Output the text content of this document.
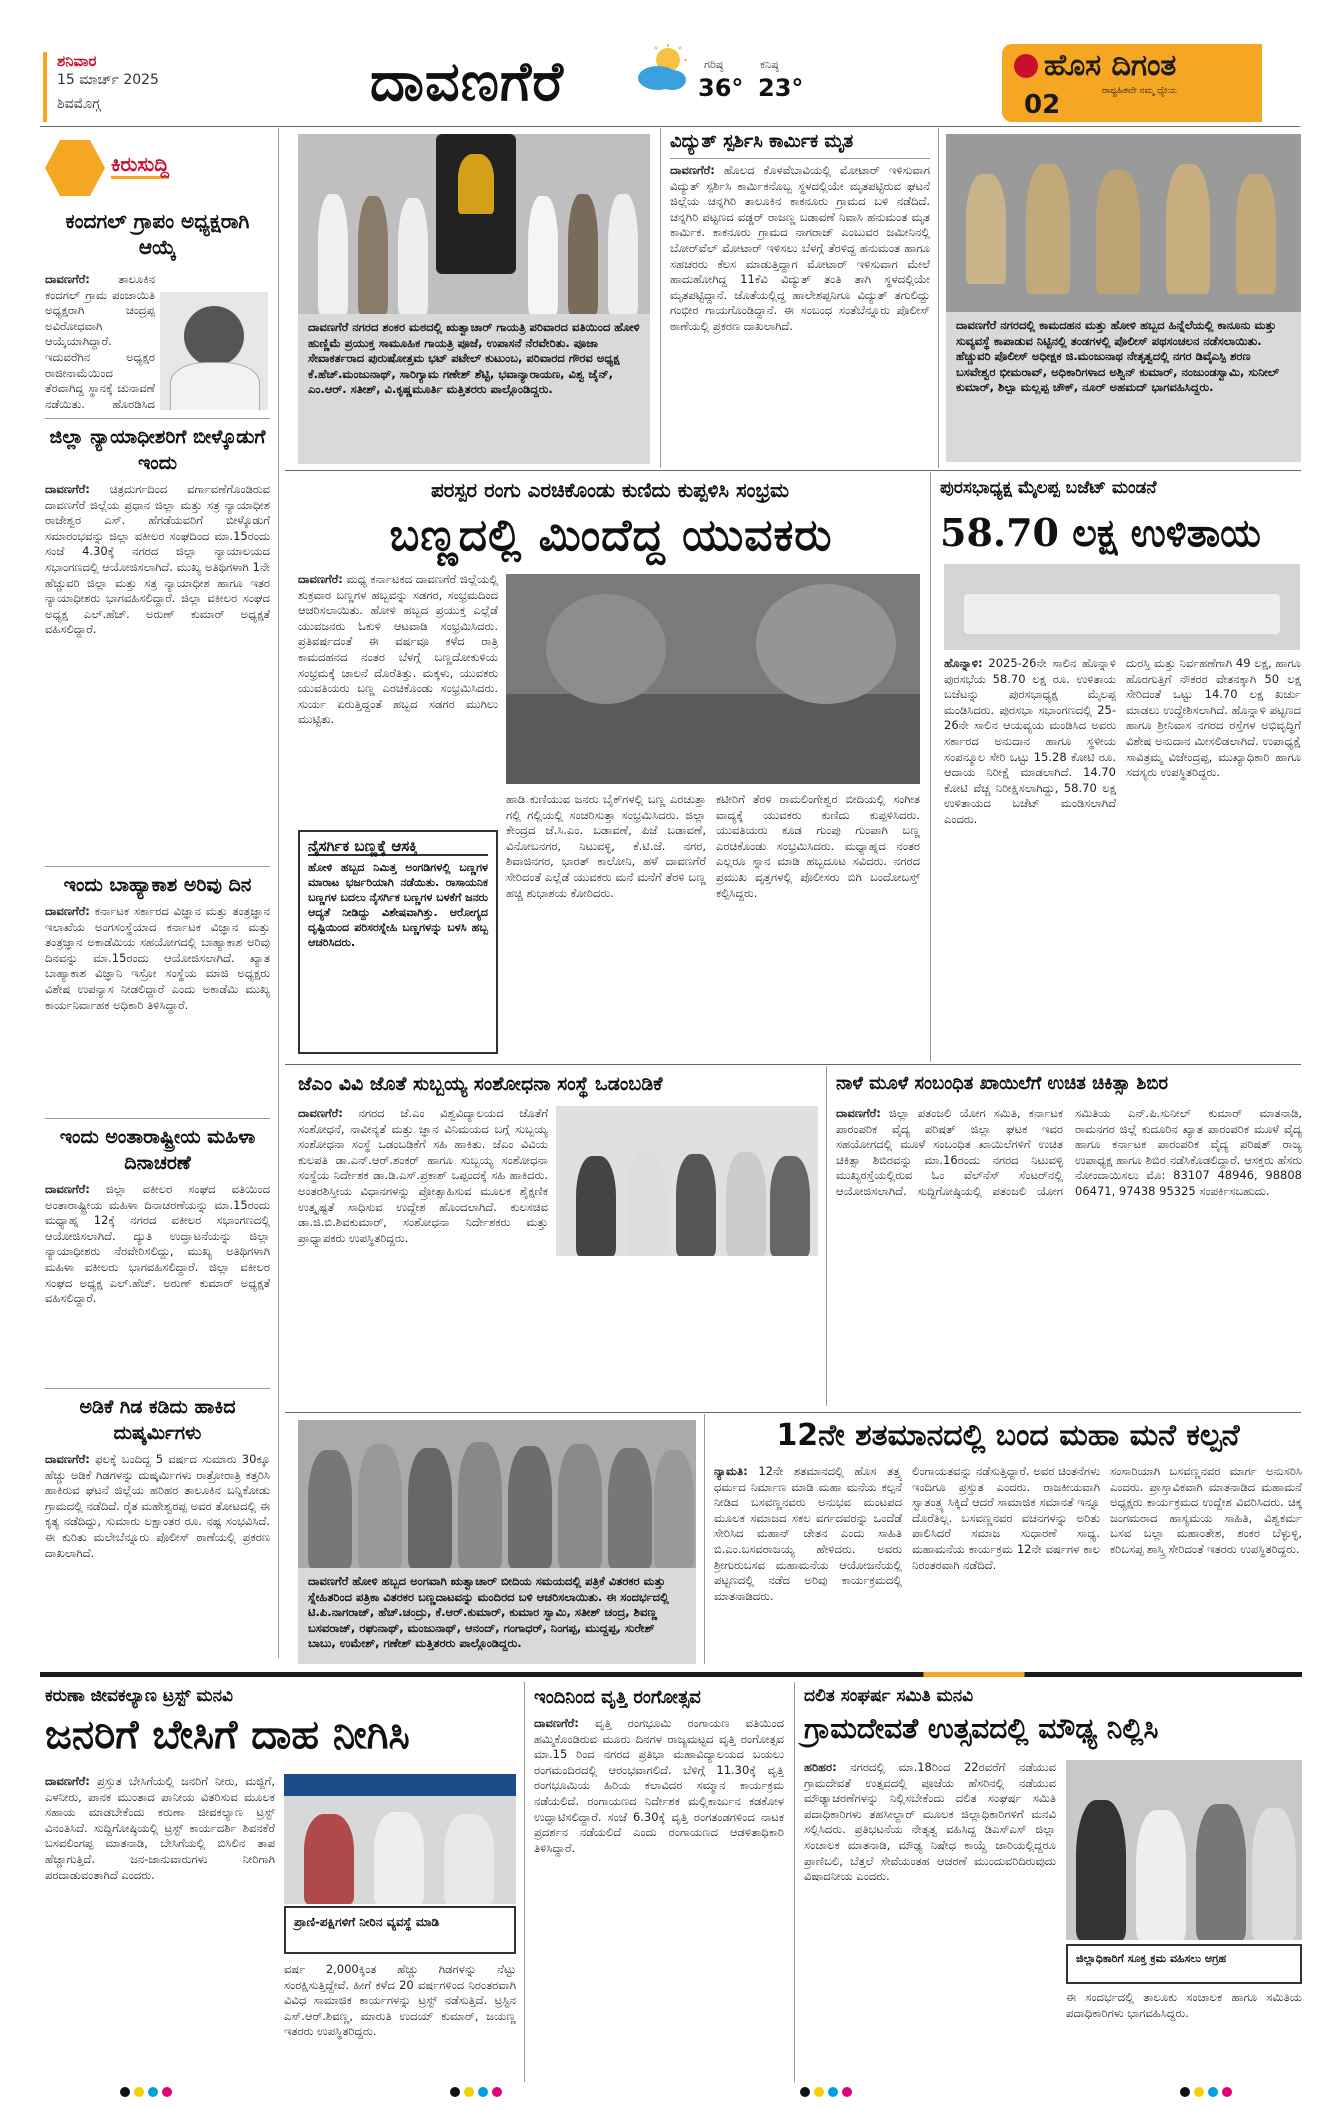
ಶನಿವಾರ
15 ಮಾರ್ಚ್ 2025
ಶಿವಮೊಗ್ಗ	ದಾವಣಗೆರೆ	ಗರಿಷ್ಠ
36°
ಕನಿಷ್ಠ
23°
ಹೊಸ ದಿಗಂತ
ರಾಷ್ಟ್ರಹಿತವೇ ನಮ್ಮ ಧ್ಯೇಯ
02
ಕಿರುಸುದ್ದಿ
ಕಂದಗಲ್ ಗ್ರಾಪಂ ಅಧ್ಯಕ್ಷರಾಗಿ ಆಯ್ಕೆ
ದಾವಣಗೆರೆ: ತಾಲೂಕಿನ ಕಂದಗಲ್ ಗ್ರಾಮ ಪಂಚಾಯಿತಿ ಅಧ್ಯಕ್ಷರಾಗಿ ಚಂದ್ರಪ್ಪ ಅವಿರೋಧವಾಗಿ ಆಯ್ಕೆಯಾಗಿದ್ದಾರೆ. ಇದುವರೆಗಿನ ಅಧ್ಯಕ್ಷರ ರಾಜೀನಾಮೆಯಿಂದ ತೆರವಾಗಿದ್ದ ಸ್ಥಾನಕ್ಕೆ ಚುನಾವಣೆ ನಡೆಯಿತು. ಹೊರಡಿಸಿದ
ಜಿಲ್ಲಾ ನ್ಯಾಯಾಧೀಶರಿಗೆ ಬೀಳ್ಕೊಡುಗೆ ಇಂದು
ದಾವಣಗೆರೆ: ಚಿತ್ರದುರ್ಗದಿಂದ ವರ್ಗಾವಣೆಗೊಂಡಿರುವ ದಾವಣಗೆರೆ ಜಿಲ್ಲೆಯ ಪ್ರಧಾನ ಜಿಲ್ಲಾ ಮತ್ತು ಸತ್ರ ನ್ಯಾಯಾಧೀಶ ರಾಜೇಶ್ವರ ಎಸ್. ಹೆಗಡೆಯವರಿಗೆ ಬೀಳ್ಕೊಡುಗೆ ಸಮಾರಂಭವನ್ನು ಜಿಲ್ಲಾ ವಕೀಲರ ಸಂಘದಿಂದ ಮಾ.15ರಂದು ಸಂಜೆ 4.30ಕ್ಕೆ ನಗರದ ಜಿಲ್ಲಾ ನ್ಯಾಯಾಲಯದ ಸಭಾಂಗಣದಲ್ಲಿ ಆಯೋಜಿಸಲಾಗಿದೆ. ಮುಖ್ಯ ಅತಿಥಿಗಳಾಗಿ 1ನೇ ಹೆಚ್ಚುವರಿ ಜಿಲ್ಲಾ ಮತ್ತು ಸತ್ರ ನ್ಯಾಯಾಧೀಶ ಹಾಗೂ ಇತರ ನ್ಯಾಯಾಧೀಶರು ಭಾಗವಹಿಸಲಿದ್ದಾರೆ. ಜಿಲ್ಲಾ ವಕೀಲರ ಸಂಘದ ಅಧ್ಯಕ್ಷ ಎಲ್.ಹೆಚ್. ಅರುಣ್ ಕುಮಾರ್ ಅಧ್ಯಕ್ಷತೆ ವಹಿಸಲಿದ್ದಾರೆ.
ಇಂದು ಬಾಹ್ಯಾಕಾಶ ಅರಿವು ದಿನ
ದಾವಣಗೆರೆ: ಕರ್ನಾಟಕ ಸರ್ಕಾರದ ವಿಜ್ಞಾನ ಮತ್ತು ತಂತ್ರಜ್ಞಾನ ಇಲಾಖೆಯ ಅಂಗಸಂಸ್ಥೆಯಾದ ಕರ್ನಾಟಕ ವಿಜ್ಞಾನ ಮತ್ತು ತಂತ್ರಜ್ಞಾನ ಅಕಾಡೆಮಿಯ ಸಹಯೋಗದಲ್ಲಿ ಬಾಹ್ಯಾಕಾಶ ಅರಿವು ದಿನವನ್ನು ಮಾ.15ರಂದು ಆಯೋಜಿಸಲಾಗಿದೆ. ಖ್ಯಾತ ಬಾಹ್ಯಾಕಾಶ ವಿಜ್ಞಾನಿ ಇಸ್ರೋ ಸಂಸ್ಥೆಯ ಮಾಜಿ ಅಧ್ಯಕ್ಷರು ವಿಶೇಷ ಉಪನ್ಯಾಸ ನೀಡಲಿದ್ದಾರೆ ಎಂದು ಅಕಾಡೆಮಿ ಮುಖ್ಯ ಕಾರ್ಯನಿರ್ವಾಹಕ ಅಧಿಕಾರಿ ತಿಳಿಸಿದ್ದಾರೆ.
ಇಂದು ಅಂತಾರಾಷ್ಟ್ರೀಯ ಮಹಿಳಾ ದಿನಾಚರಣೆ
ದಾವಣಗೆರೆ: ಜಿಲ್ಲಾ ವಕೀಲರ ಸಂಘದ ವತಿಯಿಂದ ಅಂತಾರಾಷ್ಟ್ರೀಯ ಮಹಿಳಾ ದಿನಾಚರಣೆಯನ್ನು ಮಾ.15ರಂದು ಮಧ್ಯಾಹ್ನ 12ಕ್ಕೆ ನಗರದ ವಕೀಲರ ಸಭಾಂಗಣದಲ್ಲಿ ಆಯೋಜಿಸಲಾಗಿದೆ. ದ್ಯುತಿ ಉದ್ಘಾಟನೆಯನ್ನು ಜಿಲ್ಲಾ ನ್ಯಾಯಾಧೀಶರು ನೆರವೇರಿಸಲಿದ್ದು, ಮುಖ್ಯ ಅತಿಥಿಗಳಾಗಿ ಮಹಿಳಾ ವಕೀಲರು ಭಾಗವಹಿಸಲಿದ್ದಾರೆ. ಜಿಲ್ಲಾ ವಕೀಲರ ಸಂಘದ ಅಧ್ಯಕ್ಷ ಎಲ್.ಹೆಚ್. ಅರುಣ್ ಕುಮಾರ್ ಅಧ್ಯಕ್ಷತೆ ವಹಿಸಲಿದ್ದಾರೆ.
ಅಡಿಕೆ ಗಿಡ ಕಡಿದು ಹಾಕಿದ ದುಷ್ಕರ್ಮಿಗಳು
ದಾವಣಗೆರೆ: ಫಲಕ್ಕೆ ಬಂದಿದ್ದ 5 ವರ್ಷದ ಸುಮಾರು 30ಕ್ಕೂ ಹೆಚ್ಚು ಅಡಿಕೆ ಗಿಡಗಳನ್ನು ದುಷ್ಕರ್ಮಿಗಳು ರಾತ್ರೋರಾತ್ರಿ ಕತ್ತರಿಸಿ ಹಾಕಿರುವ ಘಟನೆ ಜಿಲ್ಲೆಯ ಹರಿಹರ ತಾಲೂಕಿನ ಬನ್ನಿಕೋಡು ಗ್ರಾಮದಲ್ಲಿ ನಡೆದಿದೆ. ರೈತ ಮಹೇಶ್ವರಪ್ಪ ಅವರ ತೋಟದಲ್ಲಿ ಈ ಕೃತ್ಯ ನಡೆದಿದ್ದು, ಸುಮಾರು ಲಕ್ಷಾಂತರ ರೂ. ನಷ್ಟ ಸಂಭವಿಸಿದೆ. ಈ ಕುರಿತು ಮಲೇಬೆನ್ನೂರು ಪೊಲೀಸ್ ಠಾಣೆಯಲ್ಲಿ ಪ್ರಕರಣ ದಾಖಲಾಗಿದೆ.
ದಾವಣಗೆರೆ ನಗರದ ಶಂಕರ ಮಠದಲ್ಲಿ ಋತ್ವಾಚಾರ್ ಗಾಯತ್ರಿ ಪರಿವಾರದ ವತಿಯಿಂದ ಹೋಳಿ ಹುಣ್ಣಿಮೆ ಪ್ರಯುಕ್ತ ಸಾಮೂಹಿಕ ಗಾಯತ್ರಿ ಪೂಜೆ, ಉಪಾಸನೆ ನೆರವೇರಿತು. ಪೂಜಾ ಸೇವಾಕರ್ತರಾದ ಪುರುಷೋತ್ತಮ ಭಟ್ ಪಟೇಲ್ ಕುಟುಂಬ, ಪರಿವಾರದ ಗೌರವ ಅಧ್ಯಕ್ಷ ಕೆ.ಹೆಚ್.ಮಂಜುನಾಥ್, ಸಾರಿಗ್ಯಾಮ ಗಣೇಶ್ ಶೆಟ್ಟಿ, ಭವಾನ್ಯಾರಾಯಣ, ವಿಶ್ವ ಜೈನ್, ಎಂ.ಆರ್. ಸತೀಶ್, ವಿ.ಕೃಷ್ಣಮೂರ್ತಿ ಮತ್ತಿತರರು ಪಾಲ್ಗೊಂಡಿದ್ದರು.
ವಿದ್ಯುತ್ ಸ್ಪರ್ಶಿಸಿ ಕಾರ್ಮಿಕ ಮೃತ
ದಾವಣಗೆರೆ: ಹೊಲದ ಕೊಳವೆಬಾವಿಯಲ್ಲಿ ಮೋಟಾರ್ ಇಳಿಸುವಾಗ ವಿದ್ಯುತ್ ಸ್ಪರ್ಶಿಸಿ ಕಾರ್ಮಿಕನೊಬ್ಬ ಸ್ಥಳದಲ್ಲಿಯೇ ಮೃತಪಟ್ಟಿರುವ ಘಟನೆ ಜಿಲ್ಲೆಯ ಚನ್ನಗಿರಿ ತಾಲೂಕಿನ ಕಾಕನೂರು ಗ್ರಾಮದ ಬಳಿ ನಡೆದಿದೆ. ಚನ್ನಗಿರಿ ಪಟ್ಟಣದ ವಡ್ಡರ್ ರಾಜಣ್ಣ ಬಡಾವಣೆ ನಿವಾಸಿ ಹನುಮಂತ ಮೃತ ಕಾರ್ಮಿಕ. ಕಾಕನೂರು ಗ್ರಾಮದ ನಾಗರಾಜ್ ಎಂಬುವರ ಜಮೀನಿನಲ್ಲಿ ಬೋರ್‌ವೆಲ್ ಮೋಟಾರ್ ಇಳಿಸಲು ಬೆಳಗ್ಗೆ ತೆರಳಿದ್ದ ಹನುಮಂತ ಹಾಗೂ ಸಹಚರರು ಕೆಲಸ ಮಾಡುತ್ತಿದ್ದಾಗ ಮೋಟಾರ್ ಇಳಿಸುವಾಗ ಮೇಲೆ ಹಾದುಹೋಗಿದ್ದ 11ಕೆವಿ ವಿದ್ಯುತ್ ತಂತಿ ತಾಗಿ ಸ್ಥಳದಲ್ಲಿಯೇ ಮೃತಪಟ್ಟಿದ್ದಾನೆ. ಜೊತೆಯಲ್ಲಿದ್ದ ಹಾಲೇಶಪ್ಪನಿಗೂ ವಿದ್ಯುತ್ ತಗುಲಿದ್ದು ಗಂಭೀರ ಗಾಯಗೊಂಡಿದ್ದಾನೆ. ಈ ಸಂಬಂಧ ಸಂತೆಬೆನ್ನೂರು ಪೊಲೀಸ್ ಠಾಣೆಯಲ್ಲಿ ಪ್ರಕರಣ ದಾಖಲಾಗಿದೆ.	ದಾವಣಗೆರೆ ನಗರದಲ್ಲಿ ಕಾಮದಹನ ಮತ್ತು ಹೋಳಿ ಹಬ್ಬದ ಹಿನ್ನೆಲೆಯಲ್ಲಿ ಕಾನೂನು ಮತ್ತು ಸುವ್ಯವಸ್ಥೆ ಕಾಪಾಡುವ ನಿಟ್ಟಿನಲ್ಲಿ ತಂಡಗಳಲ್ಲಿ ಪೊಲೀಸ್ ಪಥಸಂಚಲನ ನಡೆಸಲಾಯಿತು. ಹೆಚ್ಚುವರಿ ಪೊಲೀಸ್ ಅಧೀಕ್ಷಕ ಜಿ.ಮಂಜುನಾಥ ನೇತೃತ್ವದಲ್ಲಿ ನಗರ ಡಿವೈಎಸ್ಪಿ ಶರಣ ಬಸವೇಶ್ವರ ಭೀಮರಾವ್, ಅಧಿಕಾರಿಗಳಾದ ಅಶ್ವಿನ್ ಕುಮಾರ್, ನಂಜುಂಡಸ್ವಾಮಿ, ಸುನೀಲ್ ಕುಮಾರ್, ಶಿಲ್ಪಾ ಮಲ್ಲಪ್ಪ ಚೌಕ್, ನೂರ್ ಅಹಮದ್ ಭಾಗವಹಿಸಿದ್ದರು.
ಪರಸ್ಪರ ರಂಗು ಎರಚಿಕೊಂಡು ಕುಣಿದು ಕುಪ್ಪಳಿಸಿ ಸಂಭ್ರಮ
ಬಣ್ಣದಲ್ಲಿ ಮಿಂದೆದ್ದ ಯುವಕರು
ದಾವಣಗೆರೆ: ಮಧ್ಯ ಕರ್ನಾಟಕದ ದಾವಣಗೆರೆ ಜಿಲ್ಲೆಯಲ್ಲಿ ಶುಕ್ರವಾರ ಬಣ್ಣಗಳ ಹಬ್ಬವನ್ನು ಸಡಗರ, ಸಂಭ್ರಮದಿಂದ ಆಚರಿಸಲಾಯಿತು. ಹೋಳಿ ಹಬ್ಬದ ಪ್ರಯುಕ್ತ ಎಲ್ಲೆಡೆ ಯುವಜನರು ಓಕುಳಿ ಆಟವಾಡಿ ಸಂಭ್ರಮಿಸಿದರು. ಪ್ರತಿವರ್ಷದಂತೆ ಈ ವರ್ಷವೂ ಕಳೆದ ರಾತ್ರಿ ಕಾಮದಹನದ ನಂತರ ಬೆಳಗ್ಗೆ ಬಣ್ಣದೋಕುಳಿಯ ಸಂಭ್ರಮಕ್ಕೆ ಚಾಲನೆ ದೊರೆತಿತ್ತು. ಮಕ್ಕಳು, ಯುವಕರು ಯುವತಿಯರು ಬಣ್ಣ ಎರಚಿಕೊಂಡು ಸಂಭ್ರಮಿಸಿದರು. ಸುರ್ಯ ಏರುತ್ತಿದ್ದಂತೆ ಹಬ್ಬದ ಸಡಗರ ಮುಗಿಲು ಮುಟ್ಟಿತು.
ನೈಸರ್ಗಿಕ ಬಣ್ಣಕ್ಕೆ ಆಸಕ್ತಿ
ಹೋಳಿ ಹಬ್ಬದ ನಿಮಿತ್ತ ಅಂಗಡಿಗಳಲ್ಲಿ ಬಣ್ಣಗಳ ಮಾರಾಟ ಭರ್ಜರಿಯಾಗಿ ನಡೆಯಿತು. ರಾಸಾಯನಿಕ ಬಣ್ಣಗಳ ಬದಲು ನೈಸರ್ಗಿಕ ಬಣ್ಣಗಳ ಬಳಕೆಗೆ ಜನರು ಆದ್ಯತೆ ನೀಡಿದ್ದು ವಿಶೇಷವಾಗಿತ್ತು. ಆರೋಗ್ಯದ ದೃಷ್ಟಿಯಿಂದ ಪರಿಸರಸ್ನೇಹಿ ಬಣ್ಣಗಳನ್ನು ಬಳಸಿ ಹಬ್ಬ ಆಚರಿಸಿದರು.
ಹಾಡಿ ಕುಣಿಯುವ ಜನರು ಬೈಕ್‌ಗಳಲ್ಲಿ ಬಣ್ಣ ಎರಚುತ್ತಾ ಗಲ್ಲಿ ಗಲ್ಲಿಯಲ್ಲಿ ಸಂಚರಿಸುತ್ತಾ ಸಂಭ್ರಮಿಸಿದರು. ಜಿಲ್ಲಾ ಕೇಂದ್ರದ ಜೆ.ಸಿ.ಎಂ. ಬಡಾವಣೆ, ಪಿಜೆ ಬಡಾವಣೆ, ವಿನೋಬನಗರ, ನಿಟುವಳ್ಳಿ, ಕೆ.ಟಿ.ಜೆ. ನಗರ, ಶಿವಾಜಿನಗರ, ಭಾರತ್ ಕಾಲೋನಿ, ಹಳೆ ದಾವಣಗೆರೆ ಸೇರಿದಂತೆ ಎಲ್ಲೆಡೆ ಯುವಕರು ಮನೆ ಮನೆಗೆ ತೆರಳಿ ಬಣ್ಣ ಹಚ್ಚಿ ಶುಭಾಶಯ ಕೋರಿದರು.
ಕಟೀರಿಗೆ ತೆರಳಿ ರಾಮಲಿಂಗೇಶ್ವರ ಬೀದಿಯಲ್ಲಿ ಸಂಗೀತ ವಾದ್ಯಕ್ಕೆ ಯುವಕರು ಕುಣಿದು ಕುಪ್ಪಳಿಸಿದರು. ಯುವತಿಯರು ಕೂಡ ಗುಂಪು ಗುಂಪಾಗಿ ಬಣ್ಣ ಎರಚಿಕೊಂಡು ಸಂಭ್ರಮಿಸಿದರು. ಮಧ್ಯಾಹ್ನದ ನಂತರ ಎಲ್ಲರೂ ಸ್ನಾನ ಮಾಡಿ ಹಬ್ಬದೂಟ ಸವಿದರು. ನಗರದ ಪ್ರಮುಖ ವೃತ್ತಗಳಲ್ಲಿ ಪೊಲೀಸರು ಬಿಗಿ ಬಂದೋಬಸ್ತ್ ಕಲ್ಪಿಸಿದ್ದರು.
ಪುರಸಭಾಧ್ಯಕ್ಷ ಮೈಲಪ್ಪ ಬಜೆಟ್ ಮಂಡನೆ
58.70 ಲಕ್ಷ ಉಳಿತಾಯ
ಹೊನ್ನಾಳಿ: 2025-26ನೇ ಸಾಲಿನ ಹೊನ್ನಾಳಿ ಪುರಸಭೆಯ 58.70 ಲಕ್ಷ ರೂ. ಉಳಿತಾಯ ಬಜೆಟನ್ನು ಪುರಸಭಾಧ್ಯಕ್ಷ ಮೈಲಪ್ಪ ಮಂಡಿಸಿದರು. ಪುರಸಭಾ ಸಭಾಂಗಣದಲ್ಲಿ 25-26ನೇ ಸಾಲಿನ ಆಯವ್ಯಯ ಮಂಡಿಸಿದ ಅವರು ಸರ್ಕಾರದ ಅನುದಾನ ಹಾಗೂ ಸ್ಥಳೀಯ ಸಂಪನ್ಮೂಲ ಸೇರಿ ಒಟ್ಟು 15.28 ಕೋಟಿ ರೂ. ಆದಾಯ ನಿರೀಕ್ಷೆ ಮಾಡಲಾಗಿದೆ. 14.70 ಕೋಟಿ ವೆಚ್ಚ ನಿರೀಕ್ಷಿಸಲಾಗಿದ್ದು, 58.70 ಲಕ್ಷ ಉಳಿತಾಯದ ಬಜೆಟ್ ಮಂಡಿಸಲಾಗಿದೆ ಎಂದರು.
ದುರಸ್ತಿ ಮತ್ತು ನಿರ್ವಹಣೆಗಾಗಿ 49 ಲಕ್ಷ, ಹಾಗೂ ಹೊರಗುತ್ತಿಗೆ ನೌಕರರ ವೇತನಕ್ಕಾಗಿ 50 ಲಕ್ಷ ಸೇರಿದಂತೆ ಒಟ್ಟು 14.70 ಲಕ್ಷ ಖರ್ಚು ಮಾಡಲು ಉದ್ದೇಶಿಸಲಾಗಿದೆ. ಹೊನ್ನಾಳಿ ಪಟ್ಟಣದ ಹಾಗೂ ಶ್ರೀನಿವಾಸ ನಗರದ ರಸ್ತೆಗಳ ಅಭಿವೃದ್ಧಿಗೆ ವಿಶೇಷ ಅನುದಾನ ಮೀಸಲಿಡಲಾಗಿದೆ. ಉಪಾಧ್ಯಕ್ಷೆ ಸಾವಿತ್ರಮ್ಮ ವಿಜೇಂದ್ರಪ್ಪ, ಮುಖ್ಯಾಧಿಕಾರಿ ಹಾಗೂ ಸದಸ್ಯರು ಉಪಸ್ಥಿತರಿದ್ದರು.
ಜೆಎಂ ವಿವಿ ಜೊತೆ ಸುಬ್ಬಯ್ಯ ಸಂಶೋಧನಾ ಸಂಸ್ಥೆ ಒಡಂಬಡಿಕೆ
ದಾವಣಗೆರೆ: ನಗರದ ಜೆ.ಎಂ ವಿಶ್ವವಿದ್ಯಾಲಯದ ಜೊತೆಗೆ ಸಂಶೋಧನೆ, ನಾವೀನ್ಯತೆ ಮತ್ತು ಜ್ಞಾನ ವಿನಿಮಯದ ಬಗ್ಗೆ ಸುಬ್ಬಯ್ಯ ಸಂಶೋಧನಾ ಸಂಸ್ಥೆ ಒಡಂಬಡಿಕೆಗೆ ಸಹಿ ಹಾಕಿತು. ಜೆಎಂ ವಿವಿಯ ಕುಲಪತಿ ಡಾ.ಎನ್.ಆರ್.ಶಂಕರ್ ಹಾಗೂ ಸುಬ್ಬಯ್ಯ ಸಂಶೋಧನಾ ಸಂಸ್ಥೆಯ ನಿರ್ದೇಶಕ ಡಾ.ಡಿ.ಎಸ್.ಪ್ರಕಾಶ್ ಒಪ್ಪಂದಕ್ಕೆ ಸಹಿ ಹಾಕಿದರು. ಅಂತರಶಿಸ್ತೀಯ ವಿಧಾನಗಳನ್ನು ಪ್ರೋತ್ಸಾಹಿಸುವ ಮೂಲಕ ಶೈಕ್ಷಣಿಕ ಉತ್ಕೃಷ್ಟತೆ ಸಾಧಿಸುವ ಉದ್ದೇಶ ಹೊಂದಲಾಗಿದೆ. ಕುಲಸಚಿವ ಡಾ.ಜಿ.ಬಿ.ಶಿವಕುಮಾರ್, ಸಂಶೋಧನಾ ನಿರ್ದೇಶಕರು ಮತ್ತು ಪ್ರಾಧ್ಯಾಪಕರು ಉಪಸ್ಥಿತರಿದ್ದರು.
ನಾಳೆ ಮೂಳೆ ಸಂಬಂಧಿತ ಖಾಯಿಲೆಗೆ ಉಚಿತ ಚಿಕಿತ್ಸಾ ಶಿಬಿರ
ದಾವಣಗೆರೆ: ಜಿಲ್ಲಾ ಪತಂಜಲಿ ಯೋಗ ಸಮಿತಿ, ಕರ್ನಾಟಕ ಪಾರಂಪರಿಕ ವೈದ್ಯ ಪರಿಷತ್ ಜಿಲ್ಲಾ ಘಟಕ ಇವರ ಸಹಯೋಗದಲ್ಲಿ ಮೂಳೆ ಸಂಬಂಧಿತ ಖಾಯಿಲೆಗಳಿಗೆ ಉಚಿತ ಚಿಕಿತ್ಸಾ ಶಿಬಿರವನ್ನು ಮಾ.16ರಂದು ನಗರದ ನಿಟುವಳ್ಳಿ ಮುಖ್ಯರಸ್ತೆಯಲ್ಲಿರುವ ಓಂ ವೆಲ್‌ನೆಸ್ ಸೆಂಟರ್‌ನಲ್ಲಿ ಆಯೋಜಿಸಲಾಗಿದೆ. ಸುದ್ದಿಗೋಷ್ಠಿಯಲ್ಲಿ ಪತಂಜಲಿ ಯೋಗ ಸಮಿತಿಯ ಎನ್.ಪಿ.ಸುನೀಲ್ ಕುಮಾರ್ ಮಾತನಾಡಿ, ರಾಮನಗರ ಜಿಲ್ಲೆ ಕುದೂರಿನ ಖ್ಯಾತ ಪಾರಂಪರಿಕ ಮೂಳೆ ವೈದ್ಯ ಹಾಗೂ ಕರ್ನಾಟಕ ಪಾರಂಪರಿಕ ವೈದ್ಯ ಪರಿಷತ್ ರಾಜ್ಯ ಉಪಾಧ್ಯಕ್ಷ ಹಾಗೂ ಶಿಬಿರ ನಡೆಸಿಕೊಡಲಿದ್ದಾರೆ. ಆಸಕ್ತರು ಹೆಸರು ನೋಂದಾಯಿಸಲು ಮೊ: 83107 48946, 98808 06471, 97438 95325 ಸಂಪರ್ಕಿಸಬಹುದು.
ದಾವಣಗೆರೆ ಹೋಳಿ ಹಬ್ಬದ ಅಂಗವಾಗಿ ಋತ್ವಾಚಾರ್ ಬೀದಿಯ ಸಮಯದಲ್ಲಿ ಪತ್ರಿಕೆ ವಿತರಕರ ಮತ್ತು ಸ್ನೇಹಿತರಿಂದ ಪತ್ರಿಕಾ ವಿತರಕರ ಬಣ್ಣದಾಟವನ್ನು ಮಂದಿರದ ಬಳಿ ಆಚರಿಸಲಾಯಿತು. ಈ ಸಂದರ್ಭದಲ್ಲಿ ಟಿ.ಪಿ.ನಾಗರಾಜ್, ಹೆಚ್.ಚಂದ್ರು, ಕೆ.ಆರ್.ಕುಮಾರ್, ಕುಮಾರ ಸ್ವಾಮಿ, ಸತೀಶ್ ಚಂದ್ರ, ಶಿವಣ್ಣ ಬಸವರಾಜ್, ರಘುನಾಥ್, ಮಂಜುನಾಥ್, ಆನಂದ್, ಗಂಗಾಧರ್, ನಿಂಗಪ್ಪ, ಮುದ್ದಪ್ಪ, ಸುರೇಶ್ ಬಾಬು, ಉಮೇಶ್, ಗಣೇಶ್ ಮತ್ತಿತರರು ಪಾಲ್ಗೊಂಡಿದ್ದರು.
12ನೇ ಶತಮಾನದಲ್ಲಿ ಬಂದ ಮಹಾ ಮನೆ ಕಲ್ಪನೆ
ನ್ಯಾಮತಿ: 12ನೇ ಶತಮಾನದಲ್ಲಿ ಹೊಸ ತತ್ತ್ವ ಧರ್ಮದ ನಿರ್ಮಾಣ ಮಾಡಿ ಮಹಾ ಮನೆಯ ಕಲ್ಪನೆ ನೀಡಿದ ಬಸವಣ್ಣನವರು ಅನುಭವ ಮಂಟಪದ ಮೂಲಕ ಸಮಾಜದ ಸಕಲ ವರ್ಗದವರನ್ನು ಒಂದೆಡೆ ಸೇರಿಸಿದ ಮಹಾನ್ ಚೇತನ ಎಂದು ಸಾಹಿತಿ ಬಿ.ಎಂ.ಬಸವರಾಜಯ್ಯ ಹೇಳಿದರು. ಅವರು ಶ್ರೀಗುರುಬಸವ ಮಹಾಮನೆಯ ಆಯೋಜನೆಯಲ್ಲಿ ಪಟ್ಟಣದಲ್ಲಿ ನಡೆದ ಅರಿವು ಕಾರ್ಯಕ್ರಮದಲ್ಲಿ ಮಾತನಾಡಿದರು.
ಲಿಂಗಾಯತವನ್ನು ನಡೆಸುತ್ತಿದ್ದಾರೆ. ಅವರ ಚಿಂತನೆಗಳು ಇಂದಿಗೂ ಪ್ರಸ್ತುತ ಎಂದರು. ರಾಜಕೀಯವಾಗಿ ಸ್ವಾತಂತ್ರ್ಯ ಸಿಕ್ಕಿದೆ ಆದರೆ ಸಾಮಾಜಿಕ ಸಮಾನತೆ ಇನ್ನೂ ದೊರೆತಿಲ್ಲ. ಬಸವಣ್ಣನವರ ವಚನಗಳನ್ನು ಅರಿತು ಪಾಲಿಸಿದರೆ ಸಮಾಜ ಸುಧಾರಣೆ ಸಾಧ್ಯ. ಮಹಾಮನೆಯ ಕಾರ್ಯಕ್ರಮ 12ನೇ ವರ್ಷಗಳ ಕಾಲ ನಿರಂತರವಾಗಿ ನಡೆದಿದೆ.
ಸಂಸಾರಿಯಾಗಿ ಬಸವಣ್ಣನವರ ಮಾರ್ಗ ಅನುಸರಿಸಿ ಎಂದರು. ಪ್ರಾಸ್ತಾವಿಕವಾಗಿ ಮಾತನಾಡಿದ ಮಹಾಮನೆ ಅಧ್ಯಕ್ಷರು ಕಾರ್ಯಕ್ರಮದ ಉದ್ದೇಶ ವಿವರಿಸಿದರು. ಚಿಕ್ಕ ಜಂಗಮರಾದ ಹಾಸ್ಯಮಯ ಸಾಹಿತಿ, ವಿಶ್ವಕರ್ಮ ಬಸವ ಬಲ್ಲಾ ಮಹಾಂತೇಶ, ಶಂಕರ ಬೆಳ್ಳುಳ್ಳಿ, ಕರಿಬಸಪ್ಪ ಶಾಸ್ತ್ರಿ ಸೇರಿದಂತೆ ಇತರರು ಉಪಸ್ಥಿತರಿದ್ದರು.
ಕರುಣಾ ಜೀವಕಲ್ಯಾಣ ಟ್ರಸ್ಟ್ ಮನವಿ
ಜನರಿಗೆ ಬೇಸಿಗೆ ದಾಹ ನೀಗಿಸಿ
ದಾವಣಗೆರೆ: ಪ್ರಸ್ತುತ ಬೇಸಿಗೆಯಲ್ಲಿ ಜನರಿಗೆ ನೀರು, ಮಜ್ಜಿಗೆ, ಎಳನೀರು, ಪಾನಕ ಮುಂತಾದ ಪಾನೀಯ ವಿತರಿಸುವ ಮೂಲಕ ಸಹಾಯ ಮಾಡಬೇಕೆಂದು ಕರುಣಾ ಜೀವಕಲ್ಯಾಣ ಟ್ರಸ್ಟ್ ವಿನಂತಿಸಿದೆ. ಸುದ್ದಿಗೋಷ್ಠಿಯಲ್ಲಿ ಟ್ರಸ್ಟ್ ಕಾರ್ಯದರ್ಶಿ ಶಿವನಕೆರೆ ಬಸವಲಿಂಗಪ್ಪ ಮಾತನಾಡಿ, ಬೇಸಿಗೆಯಲ್ಲಿ ಬಿಸಿಲಿನ ತಾಪ ಹೆಚ್ಚಾಗುತ್ತಿದೆ. ಜನ-ಜಾನುವಾರುಗಳು ನೀರಿಗಾಗಿ ಪರದಾಡುವಂತಾಗಿದೆ ಎಂದರು.
ಪ್ರಾಣಿ-ಪಕ್ಷಿಗಳಿಗೆ ನೀರಿನ ವ್ಯವಸ್ಥೆ ಮಾಡಿ
ವರ್ಷ 2,000ಕ್ಕಿಂತ ಹೆಚ್ಚು ಗಿಡಗಳನ್ನು ನೆಟ್ಟು ಸಂರಕ್ಷಿಸುತ್ತಿದ್ದೇವೆ. ಹೀಗೆ ಕಳೆದ 20 ವರ್ಷಗಳಿಂದ ನಿರಂತರವಾಗಿ ವಿವಿಧ ಸಾಮಾಜಿಕ ಕಾರ್ಯಗಳನ್ನು ಟ್ರಸ್ಟ್ ನಡೆಸುತ್ತಿದೆ. ಟ್ರಸ್ಟಿನ ಎಸ್.ಆರ್.ಶಿವಣ್ಣ, ಮಾರುತಿ ಉದಯ್ ಕುಮಾರ್, ಜಯಣ್ಣ ಇತರರು ಉಪಸ್ಥಿತರಿದ್ದರು.
ಇಂದಿನಿಂದ ವೃತ್ತಿ ರಂಗೋತ್ಸವ
ದಾವಣಗೆರೆ: ವೃತ್ತಿ ರಂಗಭೂಮಿ ರಂಗಾಯಣ ವತಿಯಿಂದ ಹಮ್ಮಿಕೊಂಡಿರುವ ಮೂರು ದಿನಗಳ ರಾಜ್ಯಮಟ್ಟದ ವೃತ್ತಿ ರಂಗೋತ್ಸವ ಮಾ.15 ರಿಂದ ನಗರದ ಪ್ರತಿಭಾ ಮಹಾವಿದ್ಯಾಲಯದ ಬಯಲು ರಂಗಮಂದಿರದಲ್ಲಿ ಆರಂಭವಾಗಲಿದೆ. ಬೆಳಿಗ್ಗೆ 11.30ಕ್ಕೆ ವೃತ್ತಿ ರಂಗಭೂಮಿಯ ಹಿರಿಯ ಕಲಾವಿದರ ಸಮ್ಮಾನ ಕಾರ್ಯಕ್ರಮ ನಡೆಯಲಿದೆ. ರಂಗಾಯಣದ ನಿರ್ದೇಶಕ ಮಲ್ಲಿಕಾರ್ಜುನ ಕಡಕೋಳ ಉದ್ಘಾಟಿಸಲಿದ್ದಾರೆ. ಸಂಜೆ 6.30ಕ್ಕೆ ವೃತ್ತಿ ರಂಗತಂಡಗಳಿಂದ ನಾಟಕ ಪ್ರದರ್ಶನ ನಡೆಯಲಿದೆ ಎಂದು ರಂಗಾಯಣದ ಆಡಳಿತಾಧಿಕಾರಿ ತಿಳಿಸಿದ್ದಾರೆ.
ದಲಿತ ಸಂಘರ್ಷ ಸಮಿತಿ ಮನವಿ
ಗ್ರಾಮದೇವತೆ ಉತ್ಸವದಲ್ಲಿ ಮೌಢ್ಯ ನಿಲ್ಲಿಸಿ
ಹರಿಹರ: ನಗರದಲ್ಲಿ ಮಾ.18ರಿಂದ 22ರವರೆಗೆ ನಡೆಯುವ ಗ್ರಾಮದೇವತೆ ಉತ್ಸವದಲ್ಲಿ ಪೂಜೆಯ ಹೆಸರಿನಲ್ಲಿ ನಡೆಯುವ ಮೌಢ್ಯಾಚರಣೆಗಳನ್ನು ನಿಲ್ಲಿಸಬೇಕೆಂದು ದಲಿತ ಸಂಘರ್ಷ ಸಮಿತಿ ಪದಾಧಿಕಾರಿಗಳು ತಹಸೀಲ್ದಾರ್ ಮೂಲಕ ಜಿಲ್ಲಾಧಿಕಾರಿಗಳಿಗೆ ಮನವಿ ಸಲ್ಲಿಸಿದರು. ಪ್ರತಿಭಟನೆಯ ನೇತೃತ್ವ ವಹಿಸಿದ್ದ ಡಿಎಸ್‌ಎಸ್ ಜಿಲ್ಲಾ ಸಂಚಾಲಕ ಮಾತನಾಡಿ, ಮೌಢ್ಯ ನಿಷೇಧ ಕಾಯ್ದೆ ಜಾರಿಯಲ್ಲಿದ್ದರೂ ಪ್ರಾಣಿಬಲಿ, ಬೆತ್ತಲೆ ಸೇವೆಯಂತಹ ಆಚರಣೆ ಮುಂದುವರಿದಿರುವುದು ವಿಷಾದನೀಯ ಎಂದರು.
ಜಿಲ್ಲಾಧಿಕಾರಿಗೆ ಸೂಕ್ತ ಕ್ರಮ ವಹಿಸಲು ಆಗ್ರಹ
ಈ ಸಂದರ್ಭದಲ್ಲಿ ತಾಲೂಕು ಸಂಚಾಲಕ ಹಾಗೂ ಸಮಿತಿಯ ಪದಾಧಿಕಾರಿಗಳು ಭಾಗವಹಿಸಿದ್ದರು.
